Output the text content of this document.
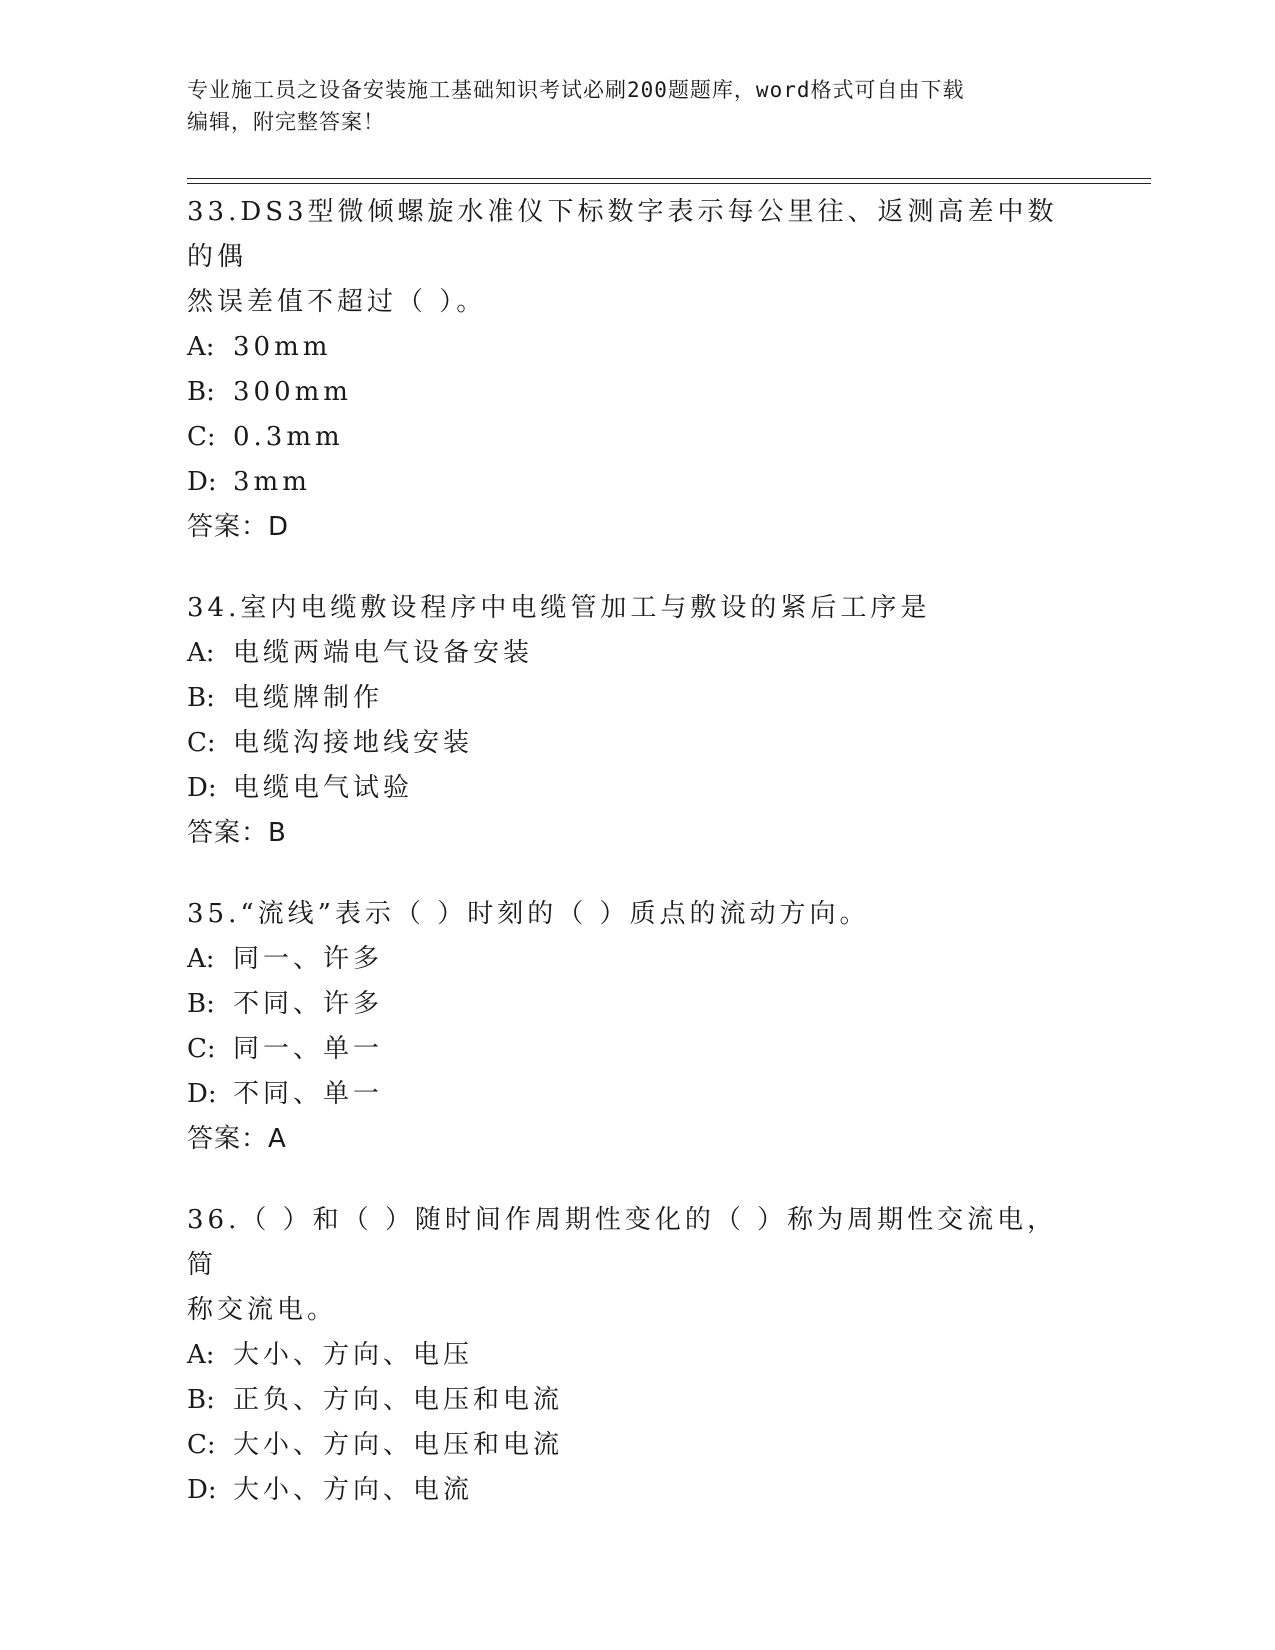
专业施工员之设备安装施工基础知识考试必刷200题题库，word格式可自由下载
编辑，附完整答案！

33.DS3型微倾螺旋水准仪下标数字表示每公里往、返测高差中数的偶
然误差值不超过（ ）。

A: 30mm

B: 300mm

C: 0.3mm

D: 3mm

答案：D

34.室内电缆敷设程序中电缆管加工与敷设的紧后工序是

A: 电缆两端电气设备安装

B: 电缆牌制作

C: 电缆沟接地线安装

D: 电缆电气试验

答案：B

35.“流线”表示（ ）时刻的（ ）质点的流动方向。

A: 同一、许多

B: 不同、许多

C: 同一、单一

D: 不同、单一

答案：A

36.（ ）和（ ）随时间作周期性变化的（ ）称为周期性交流电，简
称交流电。

A: 大小、方向、电压

B: 正负、方向、电压和电流

C: 大小、方向、电压和电流

D: 大小、方向、电流
